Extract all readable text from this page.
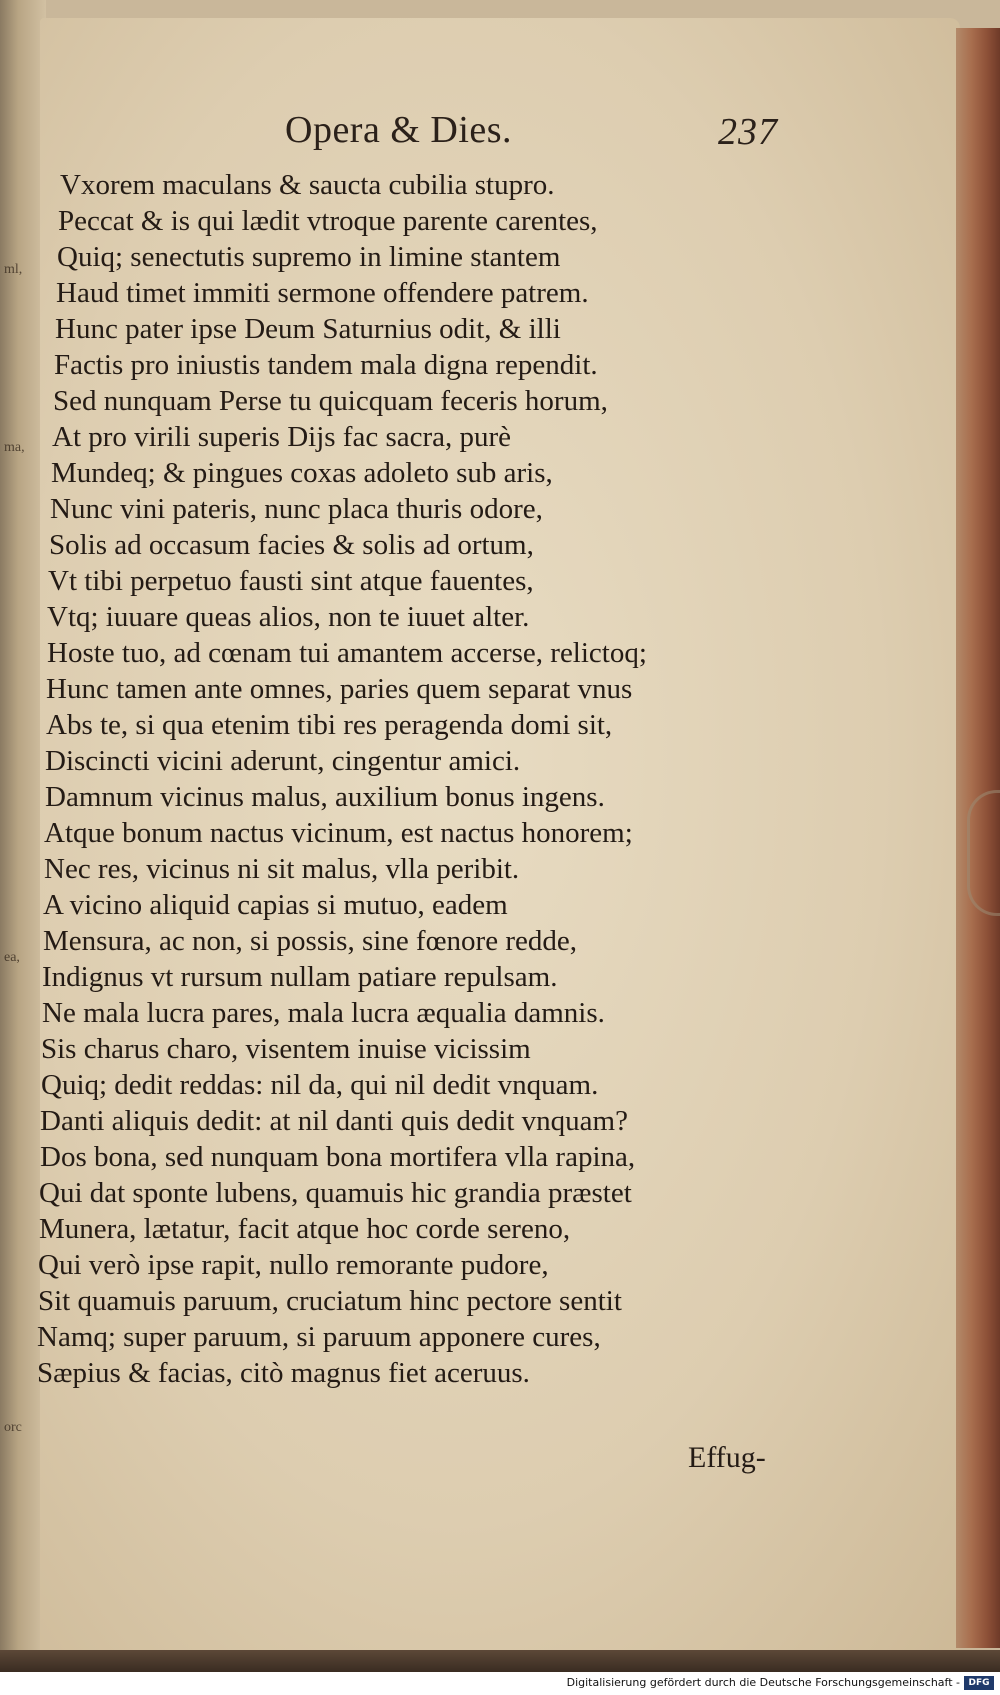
ml,
ma,
ea,
orc
Opera & Dies.	237
Vxorem maculans & saucta cubilia stupro.
Peccat & is qui lædit vtroque parente carentes,
Quiq; senectutis supremo in limine stantem
Haud timet immiti sermone offendere patrem.
Hunc pater ipse Deum Saturnius odit, & illi
Factis pro iniustis tandem mala digna rependit.
Sed nunquam Perse tu quicquam feceris horum,
At pro virili superis Dijs fac sacra, purè
Mundeq; & pingues coxas adoleto sub aris,
Nunc vini pateris, nunc placa thuris odore,
Solis ad occasum facies & solis ad ortum,
Vt tibi perpetuo fausti sint atque fauentes,
Vtq; iuuare queas alios, non te iuuet alter.
Hoste tuo, ad cœnam tui amantem accerse, relictoq;
Hunc tamen ante omnes, paries quem separat vnus
Abs te, si qua etenim tibi res peragenda domi sit,
Discincti vicini aderunt, cingentur amici.
Damnum vicinus malus, auxilium bonus ingens.
Atque bonum nactus vicinum, est nactus honorem;
Nec res, vicinus ni sit malus, vlla peribit.
A vicino aliquid capias si mutuo, eadem
Mensura, ac non, si possis, sine fœnore redde,
Indignus vt rursum nullam patiare repulsam.
Ne mala lucra pares, mala lucra æqualia damnis.
Sis charus charo, visentem inuise vicissim
Quiq; dedit reddas: nil da, qui nil dedit vnquam.
Danti aliquis dedit: at nil danti quis dedit vnquam?
Dos bona, sed nunquam bona mortifera vlla rapina,
Qui dat sponte lubens, quamuis hic grandia præstet
Munera, lætatur, facit atque hoc corde sereno,
Qui verò ipse rapit, nullo remorante pudore,
Sit quamuis paruum, cruciatum hinc pectore sentit
Namq; super paruum, si paruum apponere cures,
Sæpius & facias, citò magnus fiet aceruus.
Effug-
Digitalisierung gefördert durch die Deutsche Forschungsgemeinschaft - DFG
